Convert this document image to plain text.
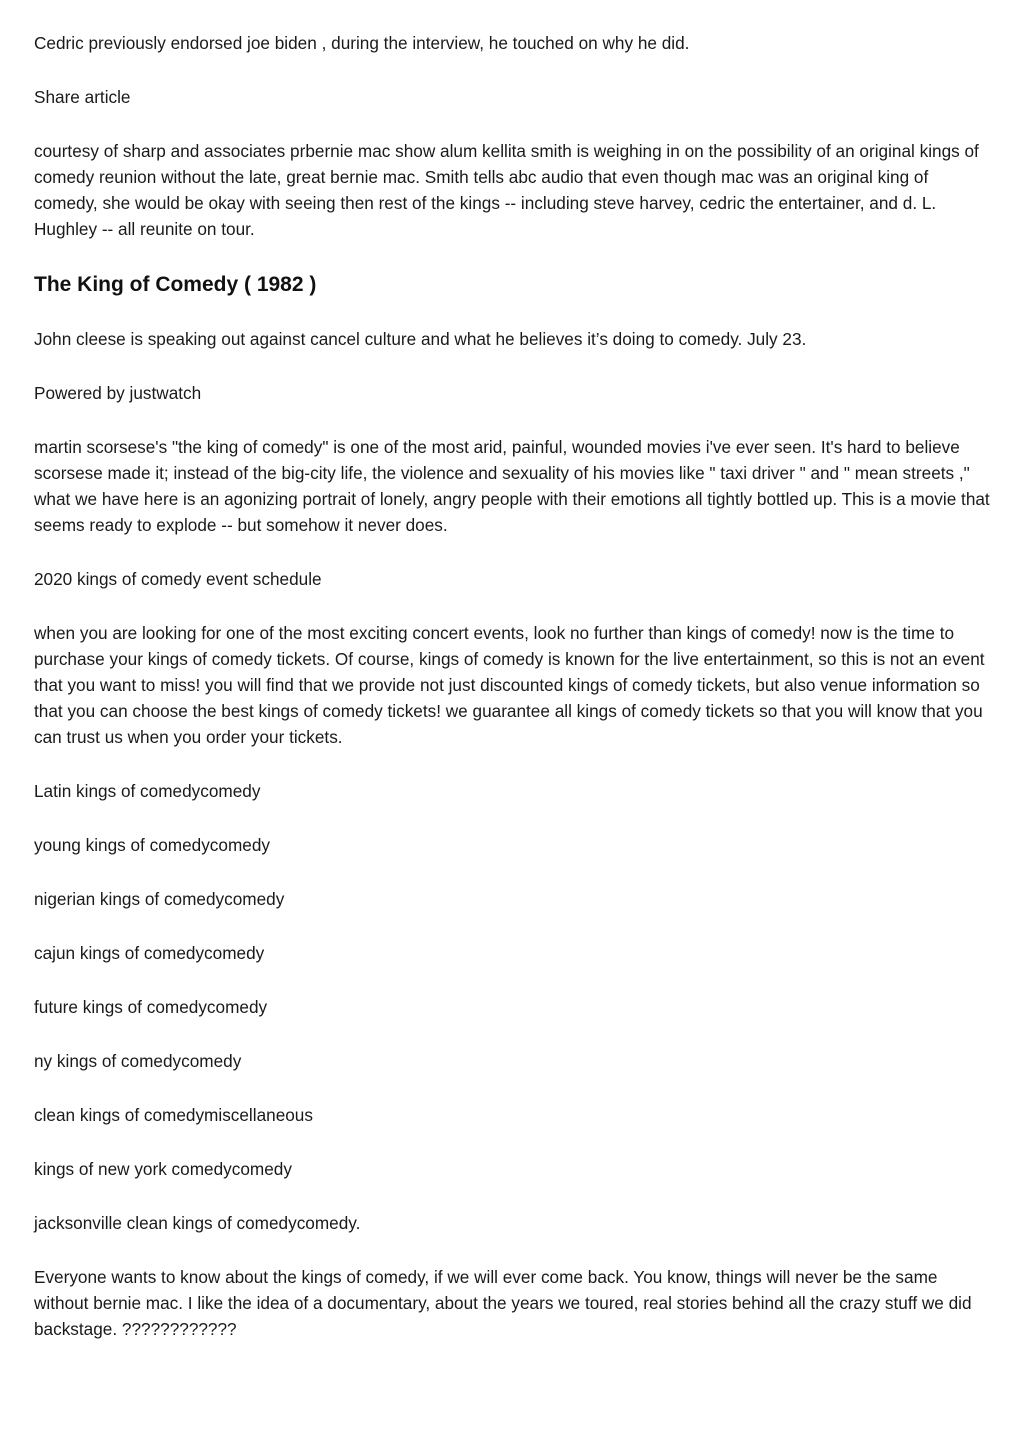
Cedric previously endorsed joe biden , during the interview, he touched on why he did.

Share article

courtesy of sharp and associates prbernie mac show alum kellita smith is weighing in on the possibility of an original kings of comedy reunion without the late, great bernie mac. Smith tells abc audio that even though mac was an original king of comedy, she would be okay with seeing then rest of the kings -- including steve harvey, cedric the entertainer, and d. L. Hughley -- all reunite on tour.

The King of Comedy ( 1982 )

John cleese is speaking out against cancel culture and what he believes it’s doing to comedy. July 23.

Powered by justwatch

martin scorsese's "the king of comedy" is one of the most arid, painful, wounded movies i've ever seen. It's hard to believe scorsese made it; instead of the big-city life, the violence and sexuality of his movies like " taxi driver " and " mean streets ," what we have here is an agonizing portrait of lonely, angry people with their emotions all tightly bottled up. This is a movie that seems ready to explode -- but somehow it never does.

2020 kings of comedy event schedule

when you are looking for one of the most exciting concert events, look no further than kings of comedy! now is the time to purchase your kings of comedy tickets. Of course, kings of comedy is known for the live entertainment, so this is not an event that you want to miss! you will find that we provide not just discounted kings of comedy tickets, but also venue information so that you can choose the best kings of comedy tickets! we guarantee all kings of comedy tickets so that you will know that you can trust us when you order your tickets.

Latin kings of comedycomedy
young kings of comedycomedy
nigerian kings of comedycomedy
cajun kings of comedycomedy
future kings of comedycomedy
ny kings of comedycomedy
clean kings of comedymiscellaneous
kings of new york comedycomedy
jacksonville clean kings of comedycomedy.

Everyone wants to know about the kings of comedy, if we will ever come back. You know, things will never be the same without bernie mac. I like the idea of a documentary, about the years we toured, real stories behind all the crazy stuff we did backstage. ????????????
